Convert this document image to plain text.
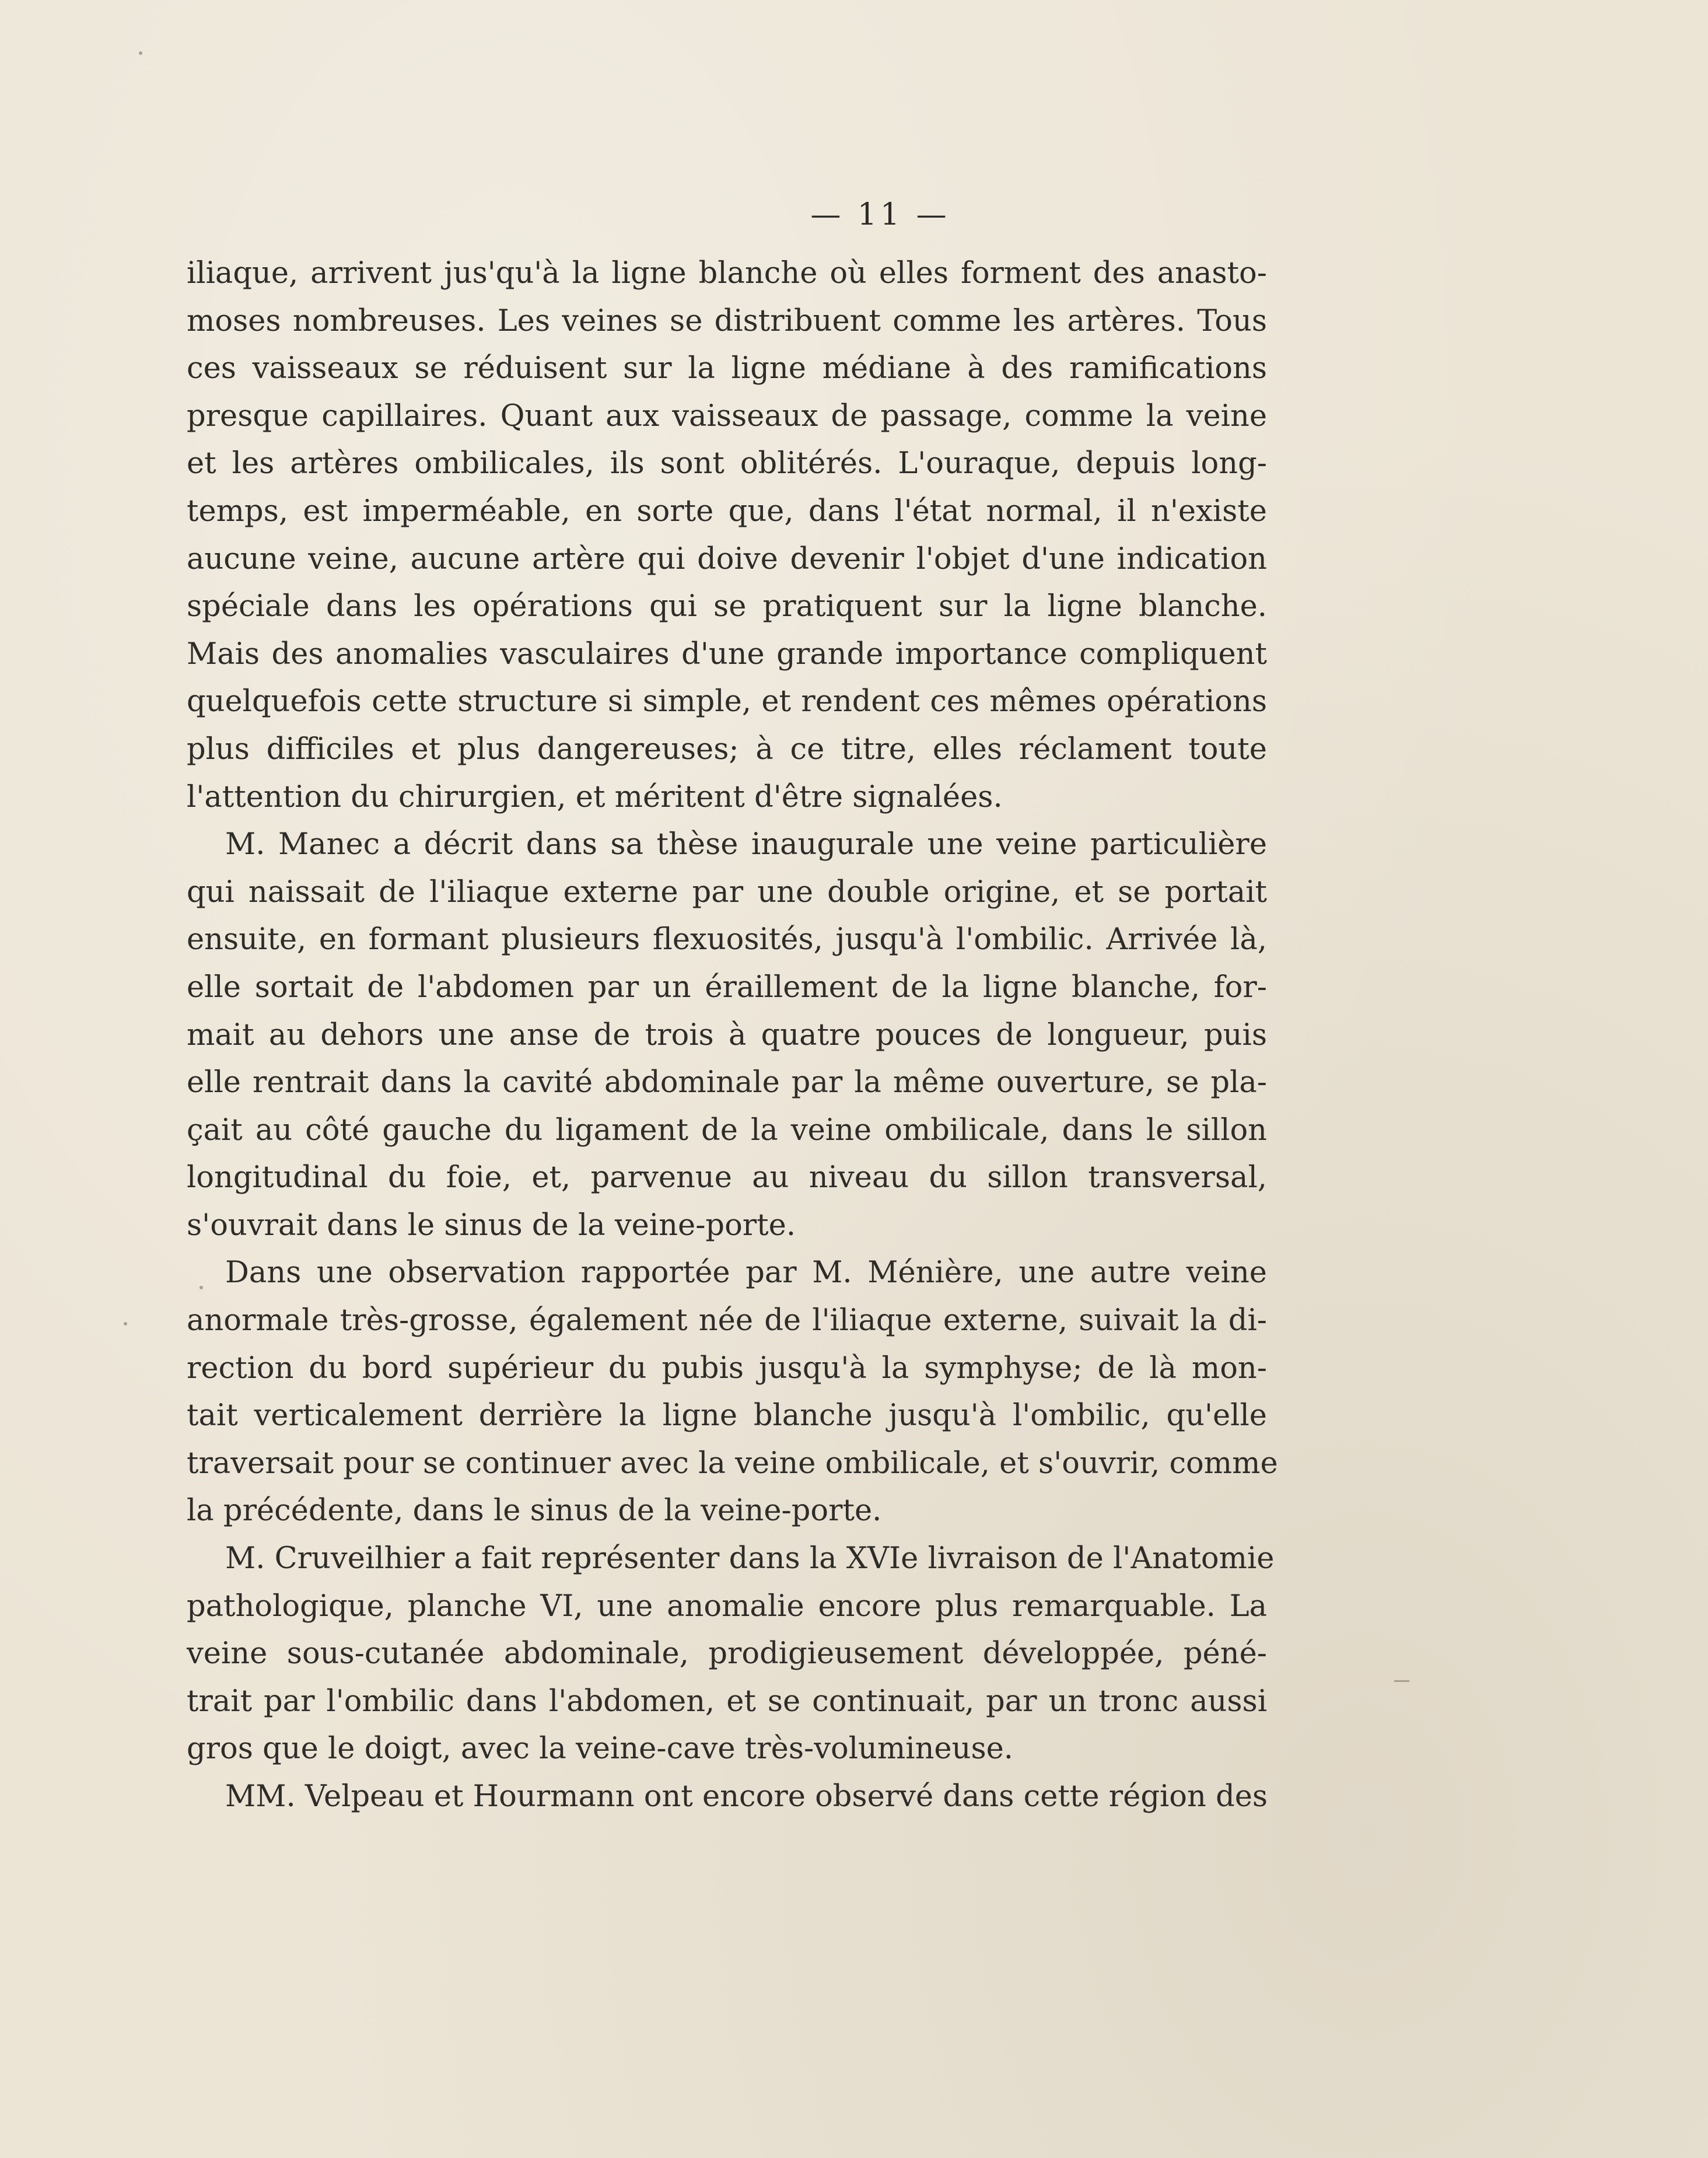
— 11 —
iliaque, arrivent jus'qu'à la ligne blanche où elles forment des anasto-
moses nombreuses. Les veines se distribuent comme les artères. Tous
ces vaisseaux se réduisent sur la ligne médiane à des ramifications
presque capillaires. Quant aux vaisseaux de passage, comme la veine
et les artères ombilicales, ils sont oblitérés. L'ouraque, depuis long-
temps, est imperméable, en sorte que, dans l'état normal, il n'existe
aucune veine, aucune artère qui doive devenir l'objet d'une indication
spéciale dans les opérations qui se pratiquent sur la ligne blanche.
Mais des anomalies vasculaires d'une grande importance compliquent
quelquefois cette structure si simple, et rendent ces mêmes opérations
plus difficiles et plus dangereuses; à ce titre, elles réclament toute
l'attention du chirurgien, et méritent d'être signalées.
M. Manec a décrit dans sa thèse inaugurale une veine particulière
qui naissait de l'iliaque externe par une double origine, et se portait
ensuite, en formant plusieurs flexuosités, jusqu'à l'ombilic. Arrivée là,
elle sortait de l'abdomen par un éraillement de la ligne blanche, for-
mait au dehors une anse de trois à quatre pouces de longueur, puis
elle rentrait dans la cavité abdominale par la même ouverture, se pla-
çait au côté gauche du ligament de la veine ombilicale, dans le sillon
longitudinal du foie, et, parvenue au niveau du sillon transversal,
s'ouvrait dans le sinus de la veine-porte.
Dans une observation rapportée par M. Ménière, une autre veine
anormale très-grosse, également née de l'iliaque externe, suivait la di-
rection du bord supérieur du pubis jusqu'à la symphyse; de là mon-
tait verticalement derrière la ligne blanche jusqu'à l'ombilic, qu'elle
traversait pour se continuer avec la veine ombilicale, et s'ouvrir, comme
la précédente, dans le sinus de la veine-porte.
M. Cruveilhier a fait représenter dans la XVIe livraison de l'Anatomie
pathologique, planche VI, une anomalie encore plus remarquable. La
veine sous-cutanée abdominale, prodigieusement développée, péné-
trait par l'ombilic dans l'abdomen, et se continuait, par un tronc aussi
gros que le doigt, avec la veine-cave très-volumineuse.
MM. Velpeau et Hourmann ont encore observé dans cette région des
